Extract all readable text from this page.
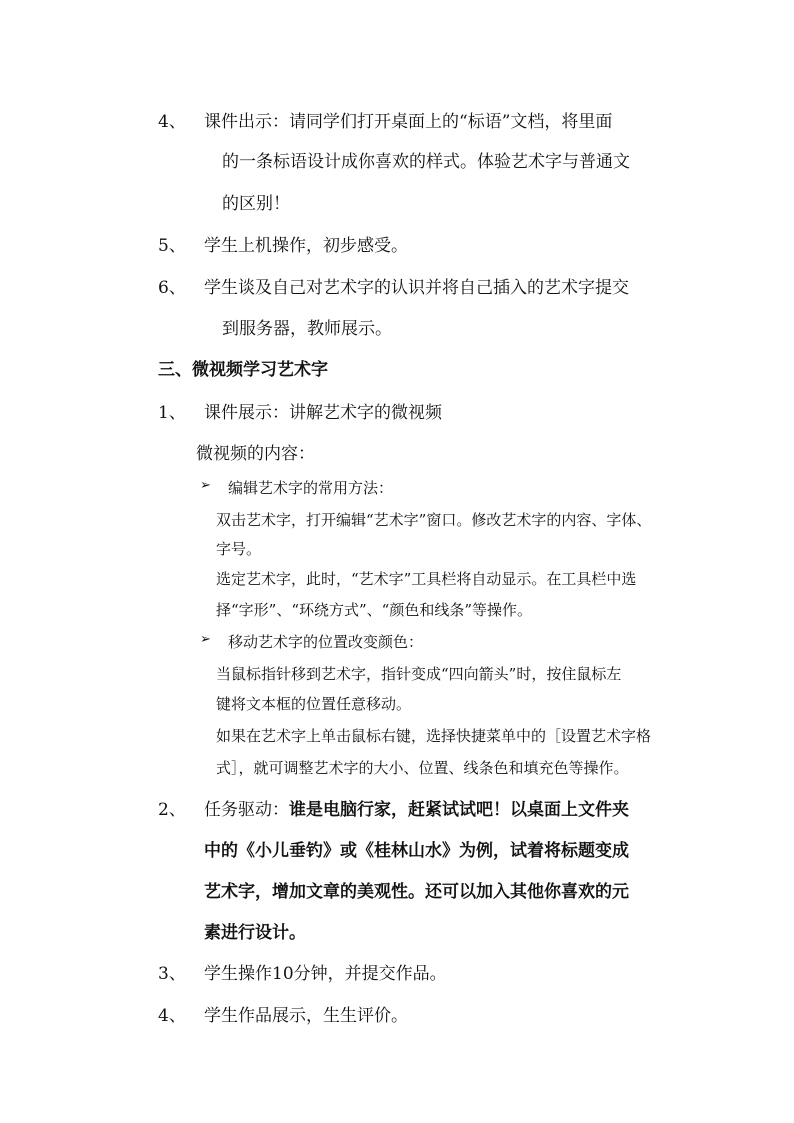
4、 课件出示：请同学们打开桌面上的“标语”文档，将里面
的一条标语设计成你喜欢的样式。体验艺术字与普通文
的区别！
5、 学生上机操作，初步感受。
6、 学生谈及自己对艺术字的认识并将自己插入的艺术字提交
到服务器，教师展示。
三、微视频学习艺术字
1、 课件展示：讲解艺术字的微视频
微视频的内容：
➢ 编辑艺术字的常用方法：
双击艺术字，打开编辑“艺术字”窗口。修改艺术字的内容、字体、
字号。
选定艺术字，此时，“艺术字”工具栏将自动显示。在工具栏中选
择“字形”、“环绕方式”、“颜色和线条”等操作。
➢ 移动艺术字的位置改变颜色：
当鼠标指针移到艺术字，指针变成“四向箭头”时，按住鼠标左
键将文本框的位置任意移动。
如果在艺术字上单击鼠标右键，选择快捷菜单中的［设置艺术字格
式］，就可调整艺术字的大小、位置、线条色和填充色等操作。
2、 任务驱动：谁是电脑行家，赶紧试试吧！以桌面上文件夹
中的《小儿垂钓》或《桂林山水》为例，试着将标题变成
艺术字，增加文章的美观性。还可以加入其他你喜欢的元
素进行设计。
3、 学生操作10分钟，并提交作品。
4、 学生作品展示，生生评价。
